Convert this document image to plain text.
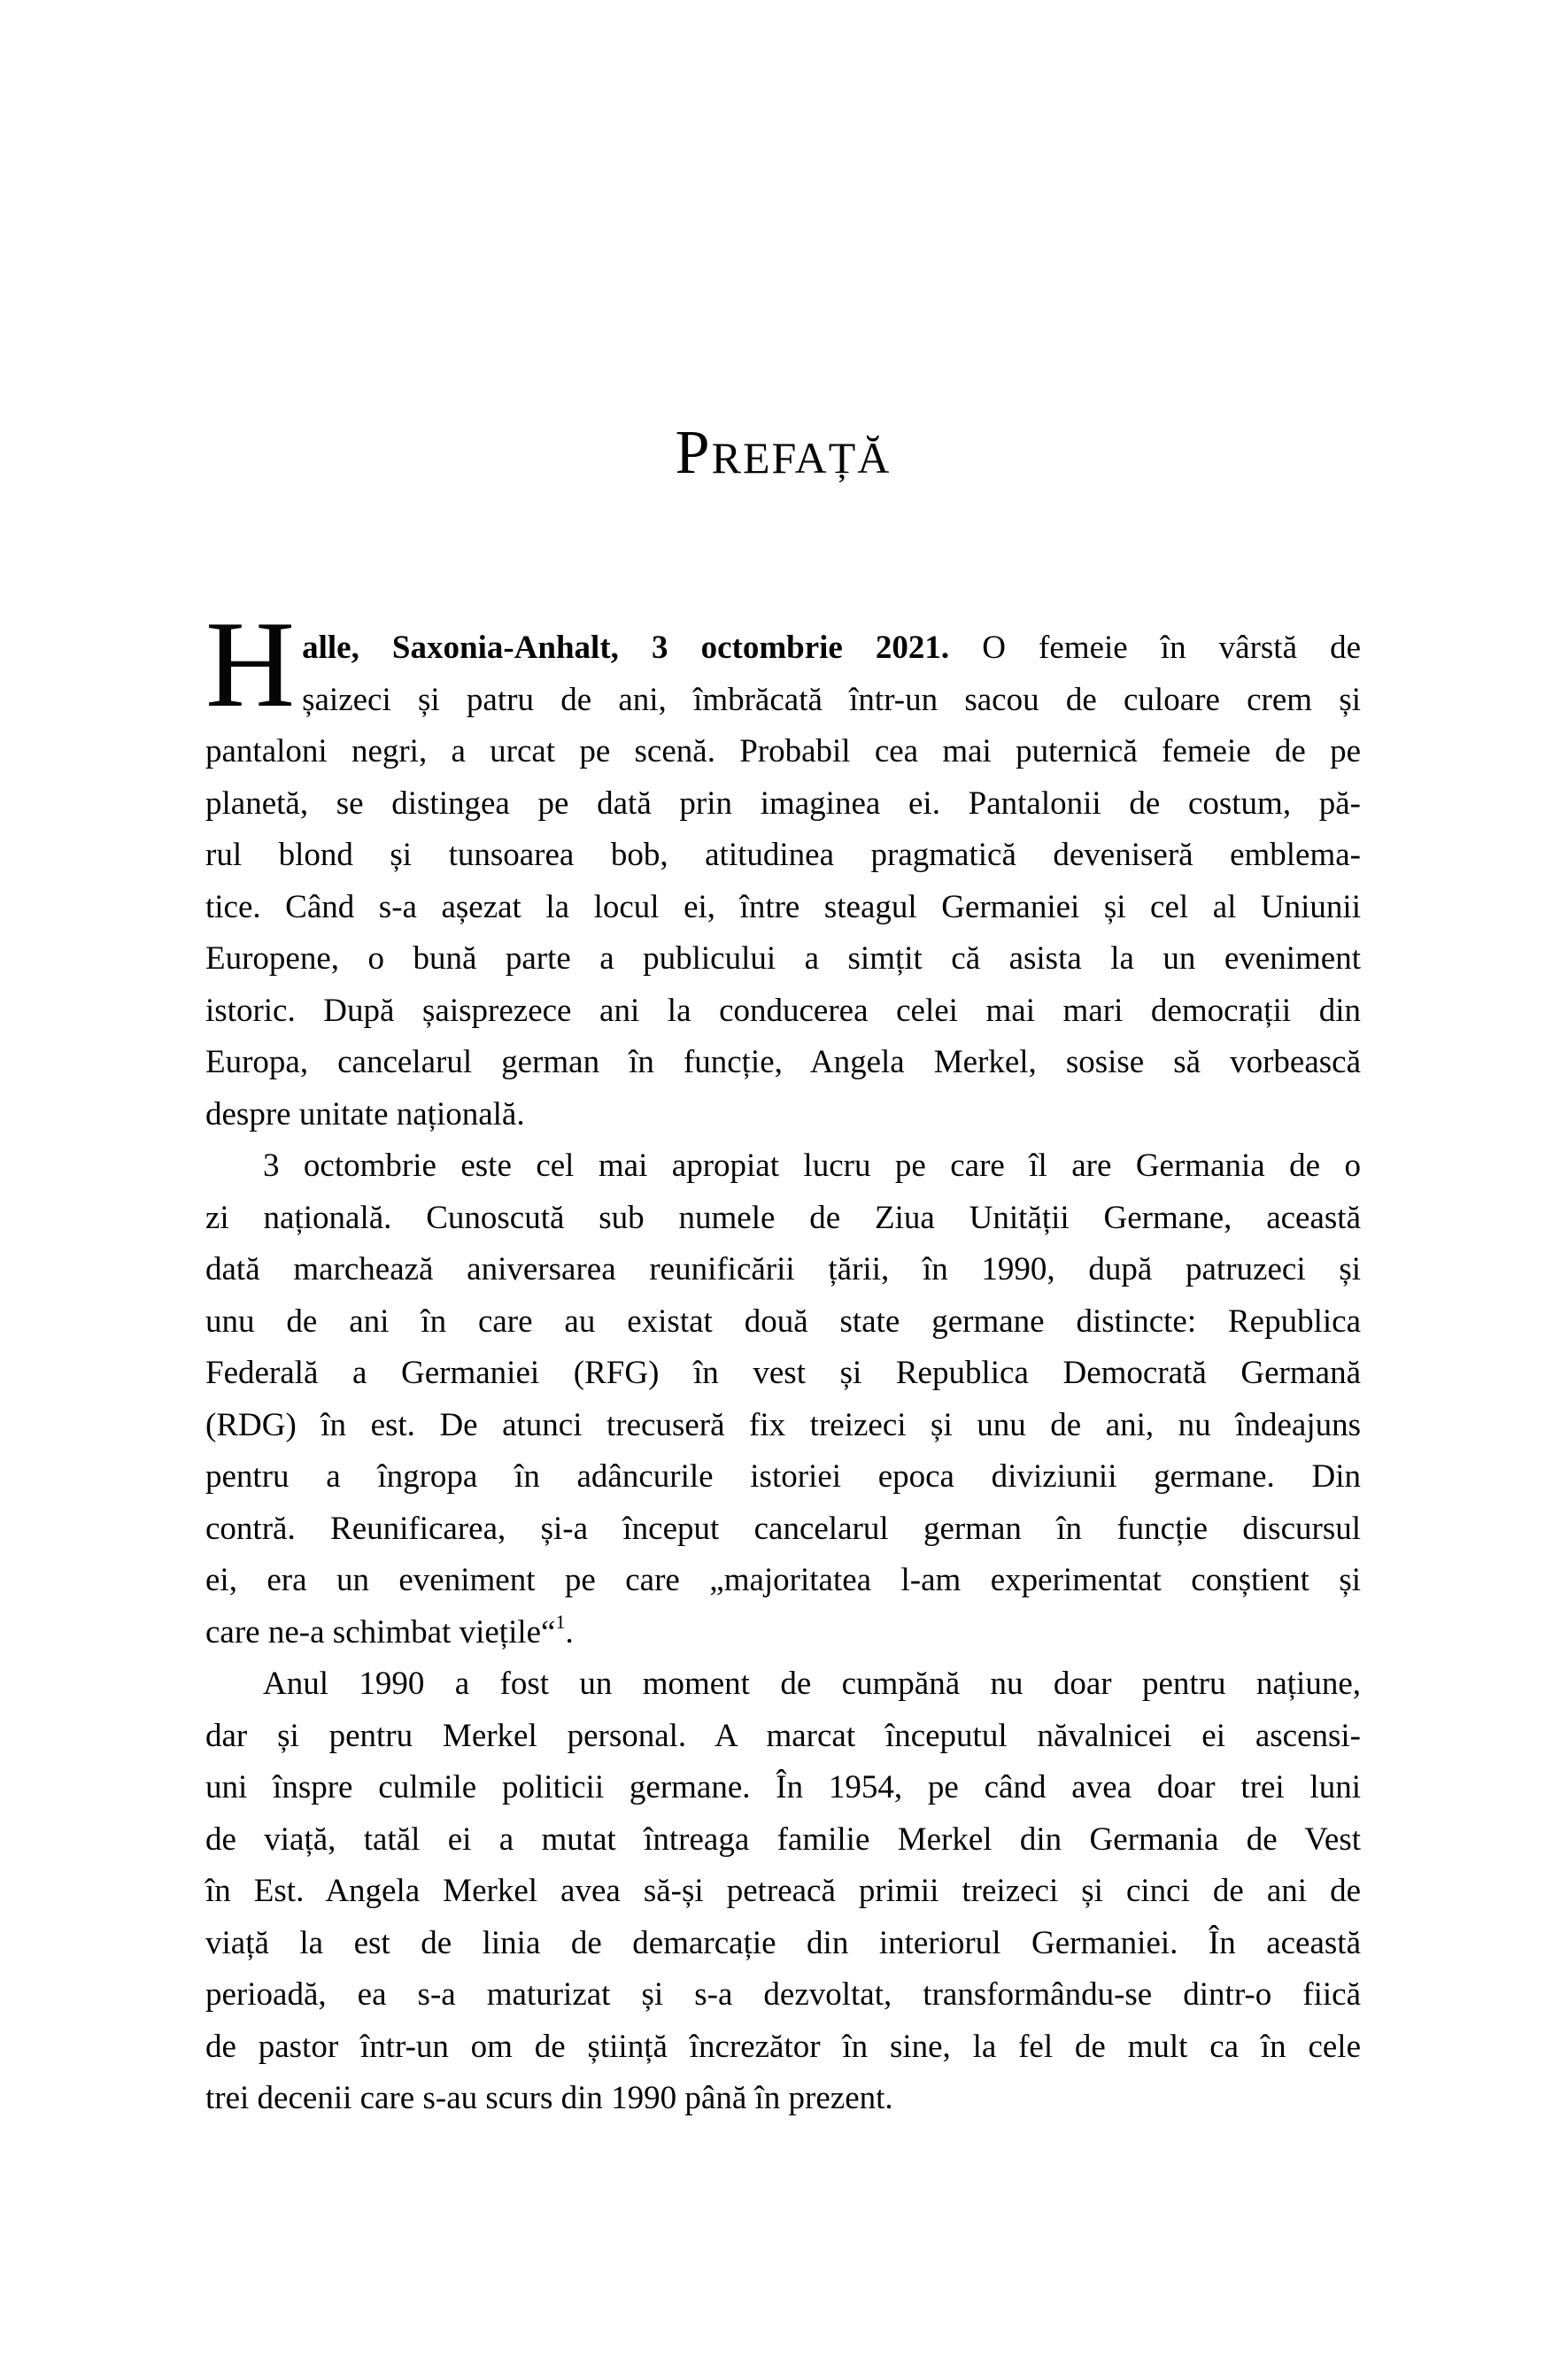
PREFAȚĂ
H alle, Saxonia-Anhalt, 3 octombrie 2021. O femeie în vârstă de
șaizeci și patru de ani, îmbrăcată într-un sacou de culoare crem și
pantaloni negri, a urcat pe scenă. Probabil cea mai puternică femeie de pe
planetă, se distingea pe dată prin imaginea ei. Pantalonii de costum, pă-
rul blond și tunsoarea bob, atitudinea pragmatică deveniseră emblema-
tice. Când s-a așezat la locul ei, între steagul Germaniei și cel al Uniunii
Europene, o bună parte a publicului a simțit că asista la un eveniment
istoric. După șaisprezece ani la conducerea celei mai mari democrații din
Europa, cancelarul german în funcție, Angela Merkel, sosise să vorbească
despre unitate națională.
3 octombrie este cel mai apropiat lucru pe care îl are Germania de o
zi națională. Cunoscută sub numele de Ziua Unității Germane, această
dată marchează aniversarea reunificării țării, în 1990, după patruzeci și
unu de ani în care au existat două state germane distincte: Republica
Federală a Germaniei (RFG) în vest și Republica Democrată Germană
(RDG) în est. De atunci trecuseră fix treizeci și unu de ani, nu îndeajuns
pentru a îngropa în adâncurile istoriei epoca diviziunii germane. Din
contră. Reunificarea, și-a început cancelarul german în funcție discursul
ei, era un eveniment pe care „majoritatea l-am experimentat conștient și
care ne-a schimbat viețile“$^1$.
Anul 1990 a fost un moment de cumpănă nu doar pentru națiune,
dar și pentru Merkel personal. A marcat începutul năvalnicei ei ascensi-
uni înspre culmile politicii germane. În 1954, pe când avea doar trei luni
de viață, tatăl ei a mutat întreaga familie Merkel din Germania de Vest
în Est. Angela Merkel avea să-și petreacă primii treizeci și cinci de ani de
viață la est de linia de demarcație din interiorul Germaniei. În această
perioadă, ea s-a maturizat și s-a dezvoltat, transformându-se dintr-o fiică
de pastor într-un om de știință încrezător în sine, la fel de mult ca în cele
trei decenii care s-au scurs din 1990 până în prezent.
